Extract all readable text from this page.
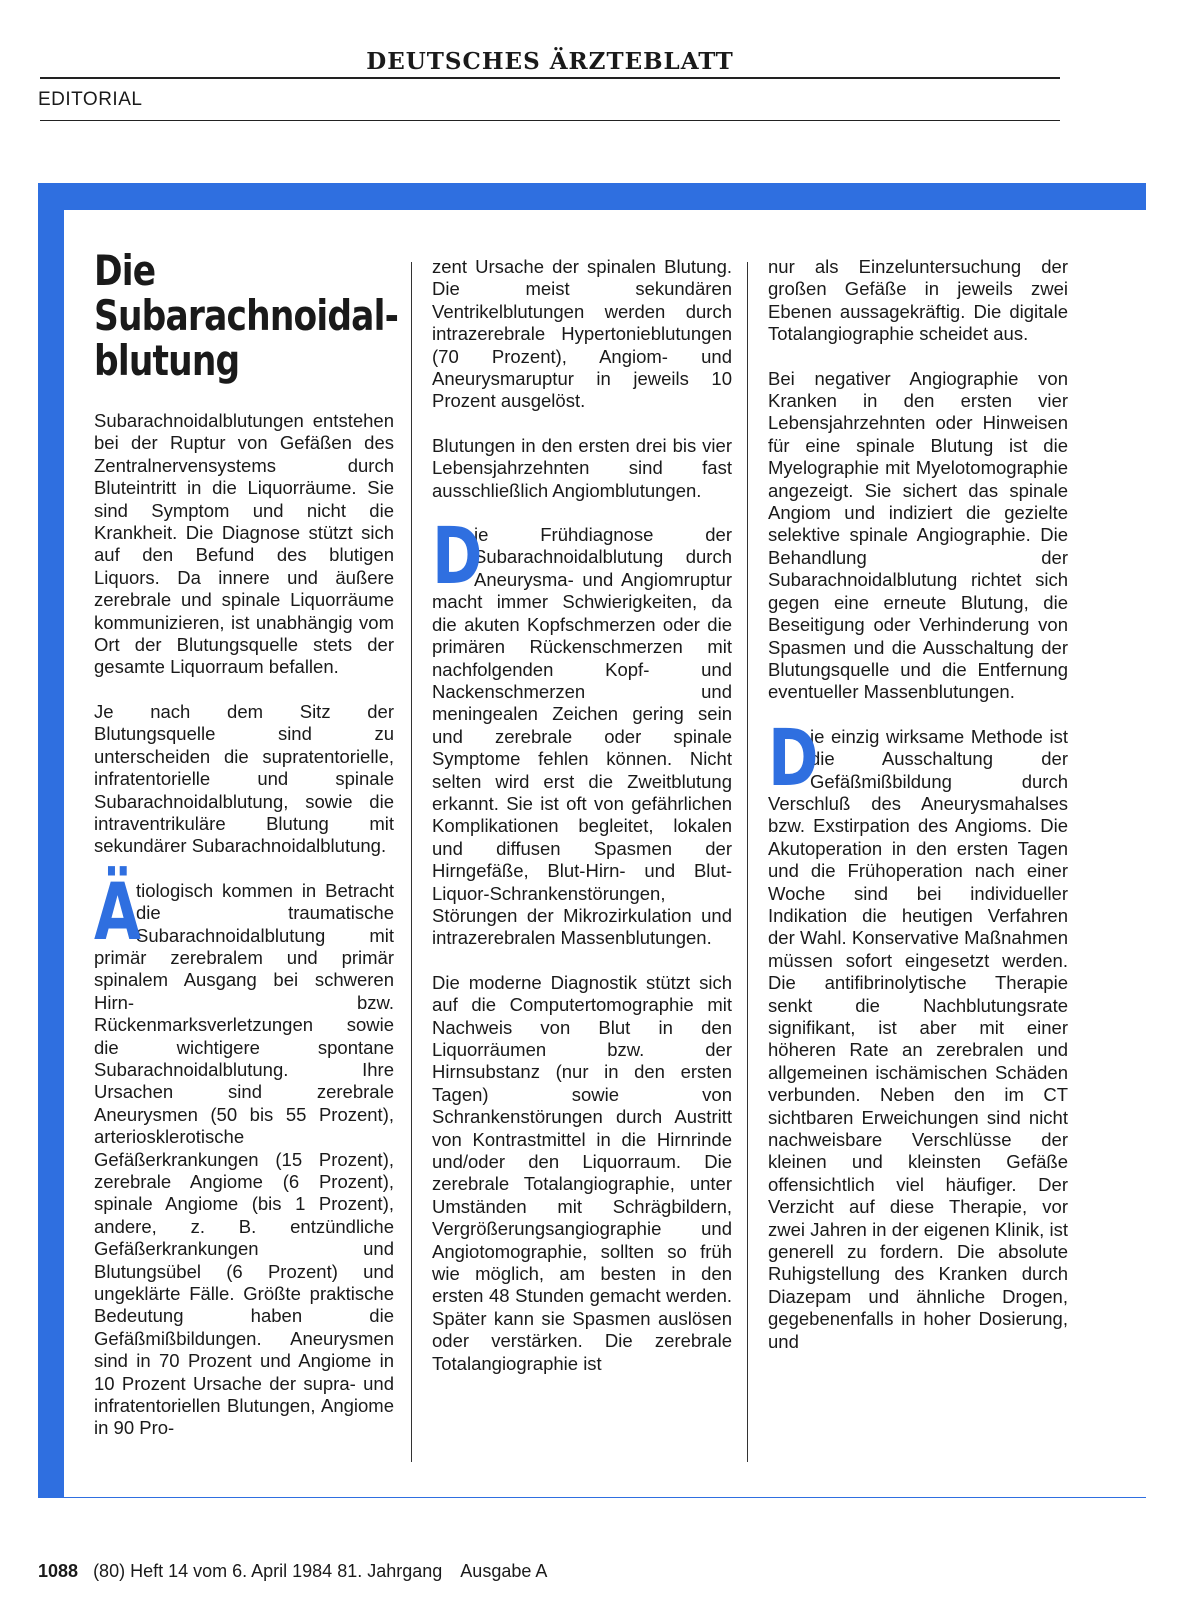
DEUTSCHES ÄRZTEBLATT
EDITORIAL
Die
Subarachnoidal-
blutung

Subarachnoidalblutungen entstehen bei der Ruptur von Gefäßen des Zentralnervensystems durch Bluteintritt in die Liquorräume. Sie sind Symptom und nicht die Krankheit. Die Diagnose stützt sich auf den Befund des blutigen Liquors. Da innere und äußere zerebrale und spinale Liquorräume kommunizieren, ist unabhängig vom Ort der Blutungsquelle stets der gesamte Liquorraum befallen.

Je nach dem Sitz der Blutungsquelle sind zu unterscheiden die supratentorielle, infratentorielle und spinale Subarachnoidalblutung, sowie die intraventrikuläre Blutung mit sekundärer Subarachnoidalblutung.

Ä
tiologisch kommen in Betracht die traumatische Subarachnoidalblutung mit primär zerebralem und primär spinalem Ausgang bei schweren Hirn- bzw. Rückenmarksverletzungen sowie die wichtigere spontane Subarachnoidalblutung. Ihre Ursachen sind zerebrale Aneurysmen (50 bis 55 Prozent), arteriosklerotische Gefäßerkrankungen (15 Prozent), zerebrale Angiome (6 Prozent), spinale Angiome (bis 1 Prozent), andere, z. B. entzündliche Gefäßerkrankungen und Blutungsübel (6 Prozent) und ungeklärte Fälle. Größte praktische Bedeutung haben die Gefäßmißbildungen. Aneurysmen sind in 70 Prozent und Angiome in 10 Prozent Ursache der supra- und infratentoriellen Blutungen, Angiome in 90 Pro-

zent Ursache der spinalen Blutung. Die meist sekundären Ventrikelblutungen werden durch intrazerebrale Hypertonieblutungen (70 Prozent), Angiom- und Aneurysmaruptur in jeweils 10 Prozent ausgelöst.

Blutungen in den ersten drei bis vier Lebensjahrzehnten sind fast ausschließlich Angiomblutungen.

D
ie Frühdiagnose der Subarachnoidalblutung durch Aneurysma- und Angiomruptur macht immer Schwierigkeiten, da die akuten Kopfschmerzen oder die primären Rückenschmerzen mit nachfolgenden Kopf- und Nackenschmerzen und meningealen Zeichen gering sein und zerebrale oder spinale Symptome fehlen können. Nicht selten wird erst die Zweitblutung erkannt. Sie ist oft von gefährlichen Komplikationen begleitet, lokalen und diffusen Spasmen der Hirngefäße, Blut-Hirn- und Blut-Liquor-Schrankenstörungen, Störungen der Mikrozirkulation und intrazerebralen Massenblutungen.

Die moderne Diagnostik stützt sich auf die Computertomographie mit Nachweis von Blut in den Liquorräumen bzw. der Hirnsubstanz (nur in den ersten Tagen) sowie von Schrankenstörungen durch Austritt von Kontrastmittel in die Hirnrinde und/oder den Liquorraum. Die zerebrale Totalangiographie, unter Umständen mit Schrägbildern, Vergrößerungsangiographie und Angiotomographie, sollten so früh wie möglich, am besten in den ersten 48 Stunden gemacht werden. Später kann sie Spasmen auslösen oder verstärken. Die zerebrale Totalangiographie ist

nur als Einzeluntersuchung der großen Gefäße in jeweils zwei Ebenen aussagekräftig. Die digitale Totalangiographie scheidet aus.

Bei negativer Angiographie von Kranken in den ersten vier Lebensjahrzehnten oder Hinweisen für eine spinale Blutung ist die Myelographie mit Myelotomographie angezeigt. Sie sichert das spinale Angiom und indiziert die gezielte selektive spinale Angiographie. Die Behandlung der Subarachnoidalblutung richtet sich gegen eine erneute Blutung, die Beseitigung oder Verhinderung von Spasmen und die Ausschaltung der Blutungsquelle und die Entfernung eventueller Massenblutungen.

D
ie einzig wirksame Methode ist die Ausschaltung der Gefäßmißbildung durch Verschluß des Aneurysmahalses bzw. Exstirpation des Angioms. Die Akutoperation in den ersten Tagen und die Frühoperation nach einer Woche sind bei individueller Indikation die heutigen Verfahren der Wahl. Konservative Maßnahmen müssen sofort eingesetzt werden. Die antifibrinolytische Therapie senkt die Nachblutungsrate signifikant, ist aber mit einer höheren Rate an zerebralen und allgemeinen ischämischen Schäden verbunden. Neben den im CT sichtbaren Erweichungen sind nicht nachweisbare Verschlüsse der kleinen und kleinsten Gefäße offensichtlich viel häufiger. Der Verzicht auf diese Therapie, vor zwei Jahren in der eigenen Klinik, ist generell zu fordern. Die absolute Ruhigstellung des Kranken durch Diazepam und ähnliche Drogen, gegebenenfalls in hoher Dosierung, und

1088 (80) Heft 14 vom 6. April 1984 81. Jahrgang Ausgabe A
